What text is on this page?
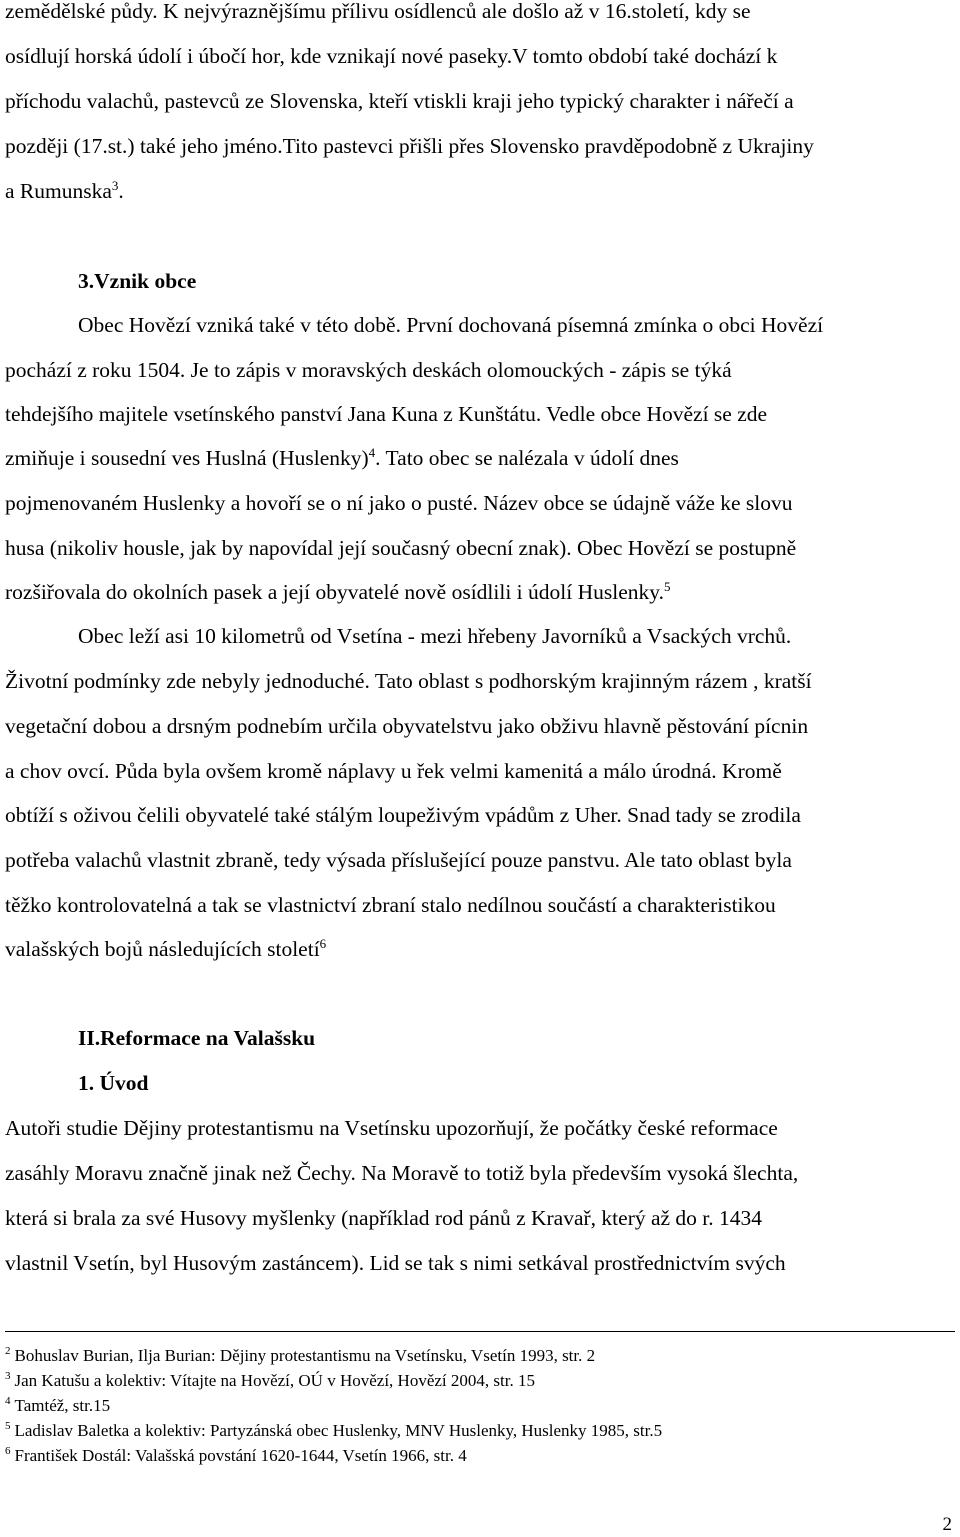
zemědělské půdy. K nejvýraznějšímu přílivu osídlenců ale došlo až v 16.století, kdy se
osídlují horská údolí i úbočí hor, kde vznikají nové paseky.V tomto období také dochází k
příchodu valachů, pastevců ze Slovenska, kteří vtiskli kraji jeho typický charakter i nářečí a
později (17.st.) také jeho jméno.Tito pastevci přišli přes Slovensko pravděpodobně z Ukrajiny
a Rumunska$^3$.
3.Vznik obce
Obec Hovězí vzniká také v této době. První dochovaná písemná zmínka o obci Hovězí
pochází z roku 1504. Je to zápis v moravských deskách olomouckých - zápis se týká
tehdejšího majitele vsetínského panství Jana Kuna z Kunštátu. Vedle obce Hovězí se zde
zmiňuje i sousední ves Huslná (Huslenky)$^4$. Tato obec se nalézala v údolí dnes
pojmenovaném Huslenky a hovoří se o ní jako o pusté. Název obce se údajně váže ke slovu
husa (nikoliv housle, jak by napovídal její současný obecní znak). Obec Hovězí se postupně
rozšiřovala do okolních pasek a její obyvatelé nově osídlili i údolí Huslenky.$^5$
Obec leží asi 10 kilometrů od Vsetína - mezi hřebeny Javorníků a Vsackých vrchů.
Životní podmínky zde nebyly jednoduché. Tato oblast s podhorským krajinným rázem , kratší
vegetační dobou a drsným podnebím určila obyvatelstvu jako obživu hlavně pěstování pícnin
a chov ovcí. Půda byla ovšem kromě náplavy u řek velmi kamenitá a málo úrodná. Kromě
obtíží s oživou čelili obyvatelé také stálým loupeživým vpádům z Uher. Snad tady se zrodila
potřeba valachů vlastnit zbraně, tedy výsada příslušející pouze panstvu. Ale tato oblast byla
těžko kontrolovatelná a tak se vlastnictví zbraní stalo nedílnou součástí a charakteristikou
valašských bojů následujících století$^6$
II.Reformace na Valašsku
1. Úvod
Autoři studie Dějiny protestantismu na Vsetínsku upozorňují, že počátky české reformace
zasáhly Moravu značně jinak než Čechy. Na Moravě to totiž byla především vysoká šlechta,
která si brala za své Husovy myšlenky (například rod pánů z Kravař, který až do r. 1434
vlastnil Vsetín, byl Husovým zastáncem). Lid se tak s nimi setkával prostřednictvím svých
$^2$ Bohuslav Burian, Ilja Burian: Dějiny protestantismu na Vsetínsku, Vsetín 1993, str. 2
$^3$ Jan Katušu a kolektiv: Vítajte na Hovězí, OÚ v Hovězí, Hovězí 2004, str. 15
$^4$ Tamtéž, str.15
$^5$ Ladislav Baletka a kolektiv: Partyzánská obec Huslenky, MNV Huslenky, Huslenky 1985, str.5
$^6$ František Dostál: Valašská povstání 1620-1644, Vsetín 1966, str. 4
2
